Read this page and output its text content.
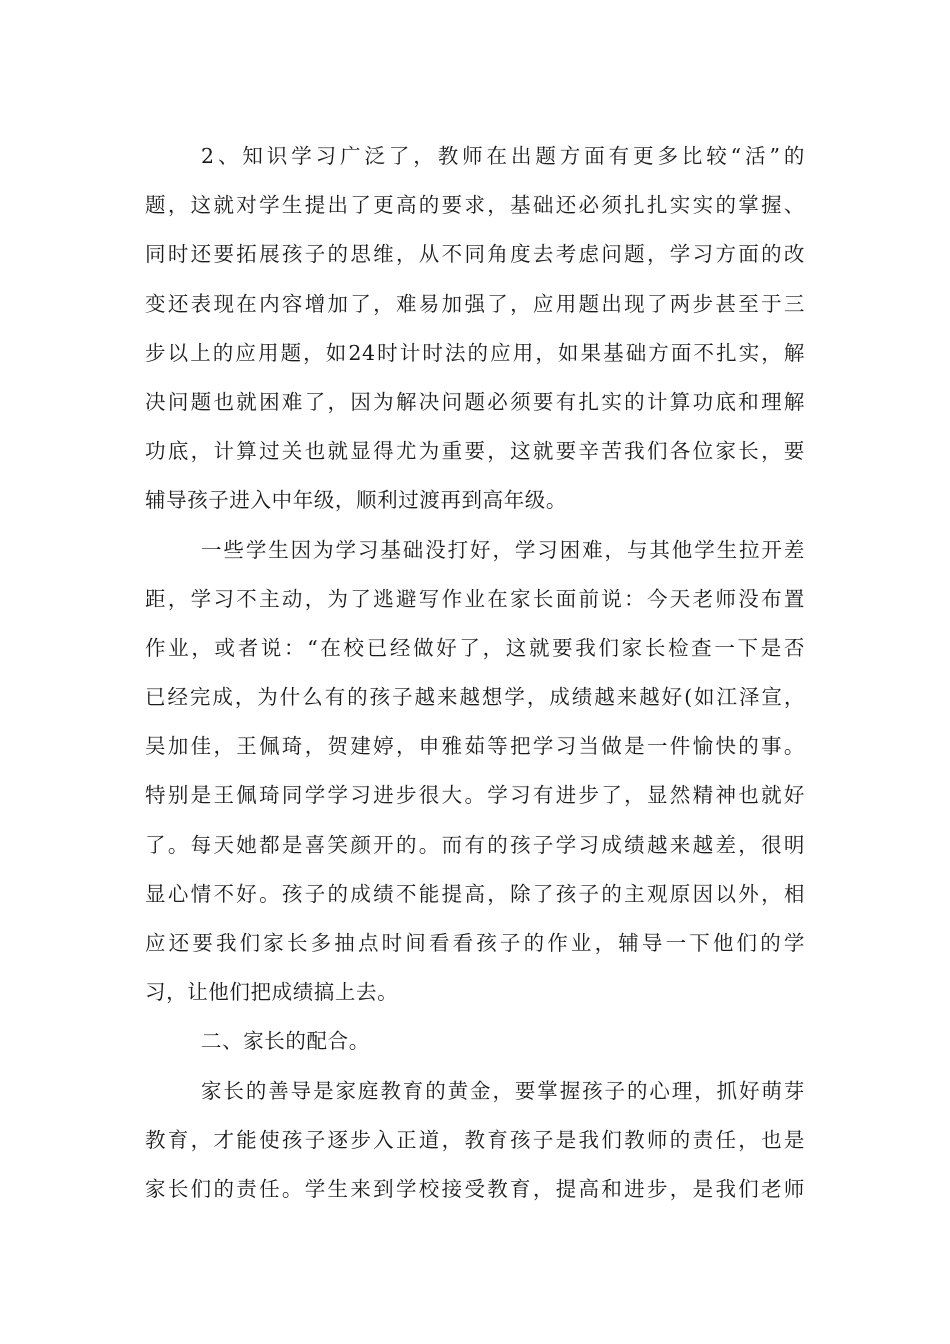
2、知识学习广泛了，教师在出题方面有更多比较“活”的
题，这就对学生提出了更高的要求，基础还必须扎扎实实的掌握、
同时还要拓展孩子的思维，从不同角度去考虑问题，学习方面的改
变还表现在内容增加了，难易加强了，应用题出现了两步甚至于三
步以上的应用题，如24时计时法的应用，如果基础方面不扎实，解
决问题也就困难了，因为解决问题必须要有扎实的计算功底和理解
功底，计算过关也就显得尤为重要，这就要辛苦我们各位家长，要
辅导孩子进入中年级，顺利过渡再到高年级。
一些学生因为学习基础没打好，学习困难，与其他学生拉开差
距，学习不主动，为了逃避写作业在家长面前说：今天老师没布置
作业，或者说：“在校已经做好了，这就要我们家长检查一下是否
已经完成，为什么有的孩子越来越想学，成绩越来越好(如江泽宣，
吴加佳，王佩琦，贺建婷，申雅茹等把学习当做是一件愉快的事。
特别是王佩琦同学学习进步很大。学习有进步了，显然精神也就好
了。每天她都是喜笑颜开的。而有的孩子学习成绩越来越差，很明
显心情不好。孩子的成绩不能提高，除了孩子的主观原因以外，相
应还要我们家长多抽点时间看看孩子的作业，辅导一下他们的学
习，让他们把成绩搞上去。
二、家长的配合。
家长的善导是家庭教育的黄金，要掌握孩子的心理，抓好萌芽
教育，才能使孩子逐步入正道，教育孩子是我们教师的责任，也是
家长们的责任。学生来到学校接受教育，提高和进步，是我们老师
